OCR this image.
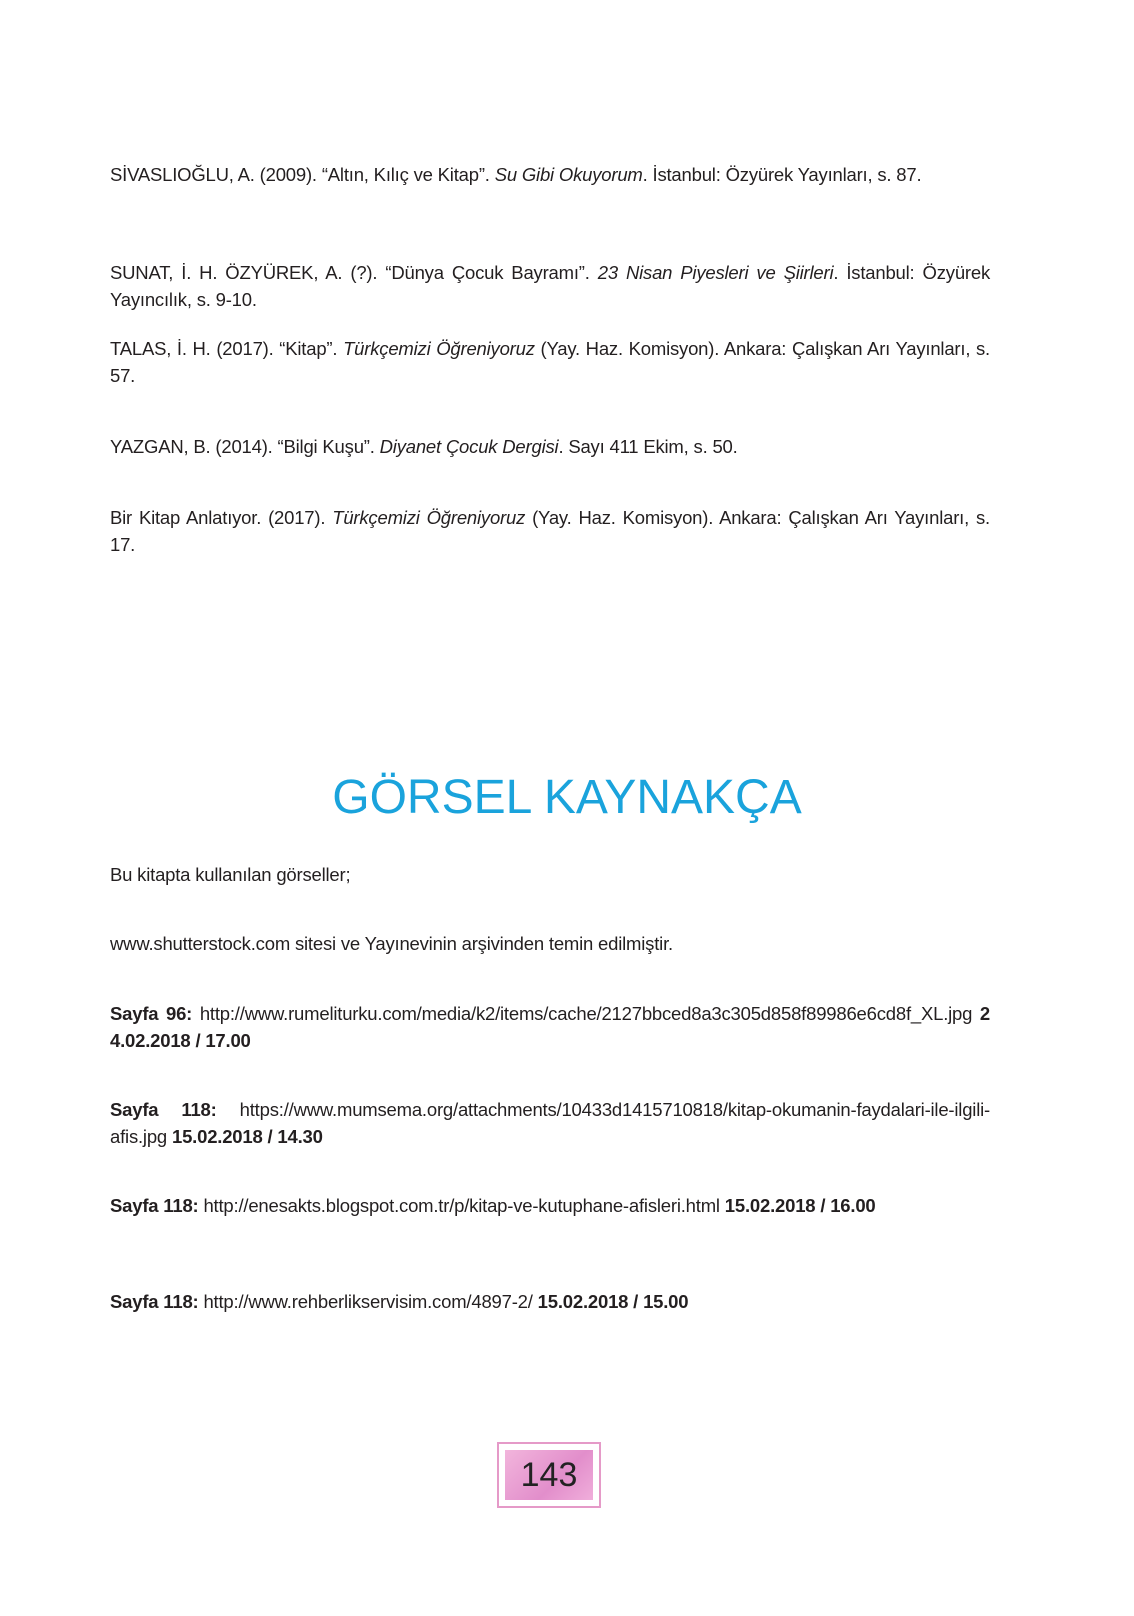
SİVASLIOĞLU, A. (2009). “Altın, Kılıç ve Kitap”. Su Gibi Okuyorum. İstanbul: Özyürek Yayınları, s. 87.
SUNAT, İ. H. ÖZYÜREK, A. (?). “Dünya Çocuk Bayramı”. 23 Nisan Piyesleri ve Şiirleri. İstanbul: Özyürek Yayıncılık, s. 9-10.
TALAS, İ. H. (2017). “Kitap”. Türkçemizi Öğreniyoruz (Yay. Haz. Komisyon). Ankara: Çalışkan Arı Yayınları, s. 57.
YAZGAN, B. (2014). “Bilgi Kuşu”. Diyanet Çocuk Dergisi. Sayı 411 Ekim, s. 50.
Bir Kitap Anlatıyor. (2017). Türkçemizi Öğreniyoruz (Yay. Haz. Komisyon). Ankara: Çalışkan Arı Yayınları, s. 17.
GÖRSEL KAYNAKÇA
Bu kitapta kullanılan görseller;
www.shutterstock.com sitesi ve Yayınevinin arşivinden temin edilmiştir.
Sayfa 96: http://www.rumeliturku.com/media/k2/items/cache/2127bbced8a3c305d858f89986e6cd8f_XL.jpg 24.02.2018 / 17.00
Sayfa 118: https://www.mumsema.org/attachments/10433d1415710818/kitap-okumanin-faydalari-ile-ilgili-afis.jpg 15.02.2018 / 14.30
Sayfa 118: http://enesakts.blogspot.com.tr/p/kitap-ve-kutuphane-afisleri.html 15.02.2018 / 16.00
Sayfa 118: http://www.rehberlikservisim.com/4897-2/ 15.02.2018 / 15.00
143
